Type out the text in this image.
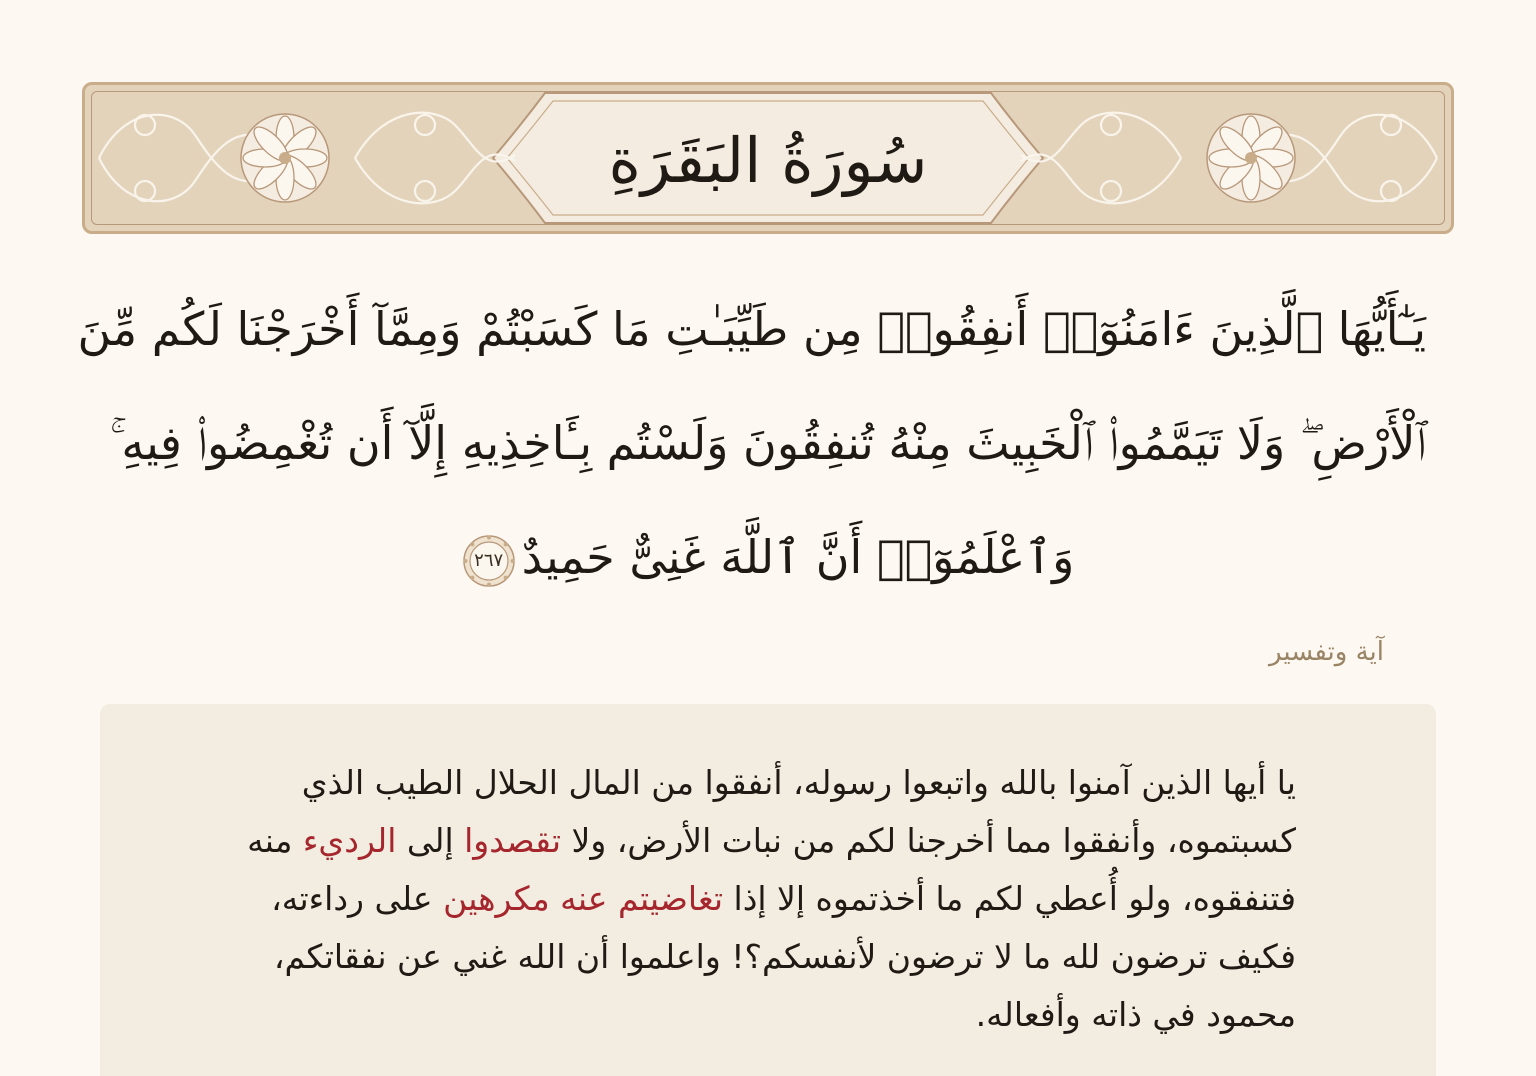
سُورَةُ البَقَرَةِ
يَـٰٓأَيُّهَا ٱلَّذِينَ ءَامَنُوٓا۟ أَنفِقُوا۟ مِن طَيِّبَـٰتِ مَا كَسَبْتُمْ وَمِمَّآ أَخْرَجْنَا لَكُم مِّنَ
ٱلْأَرْضِ ۖ وَلَا تَيَمَّمُوا۟ ٱلْخَبِيثَ مِنْهُ تُنفِقُونَ وَلَسْتُم بِـَٔاخِذِيهِ إِلَّآ أَن تُغْمِضُوا۟ فِيهِ ۚ
وَٱعْلَمُوٓا۟ أَنَّ ٱللَّهَ غَنِىٌّ حَمِيدٌ
٢٦٧
آية وتفسير
يا أيها الذين آمنوا بالله واتبعوا رسوله، أنفقوا من المال الحلال الطيب الذي
كسبتموه، وأنفقوا مما أخرجنا لكم من نبات الأرض، ولا تقصدوا إلى الرديء منه
فتنفقوه، ولو أُعطي لكم ما أخذتموه إلا إذا تغاضيتم عنه مكرهين على رداءته،
فكيف ترضون لله ما لا ترضون لأنفسكم؟! واعلموا أن الله غني عن نفقاتكم،
محمود في ذاته وأفعاله.
